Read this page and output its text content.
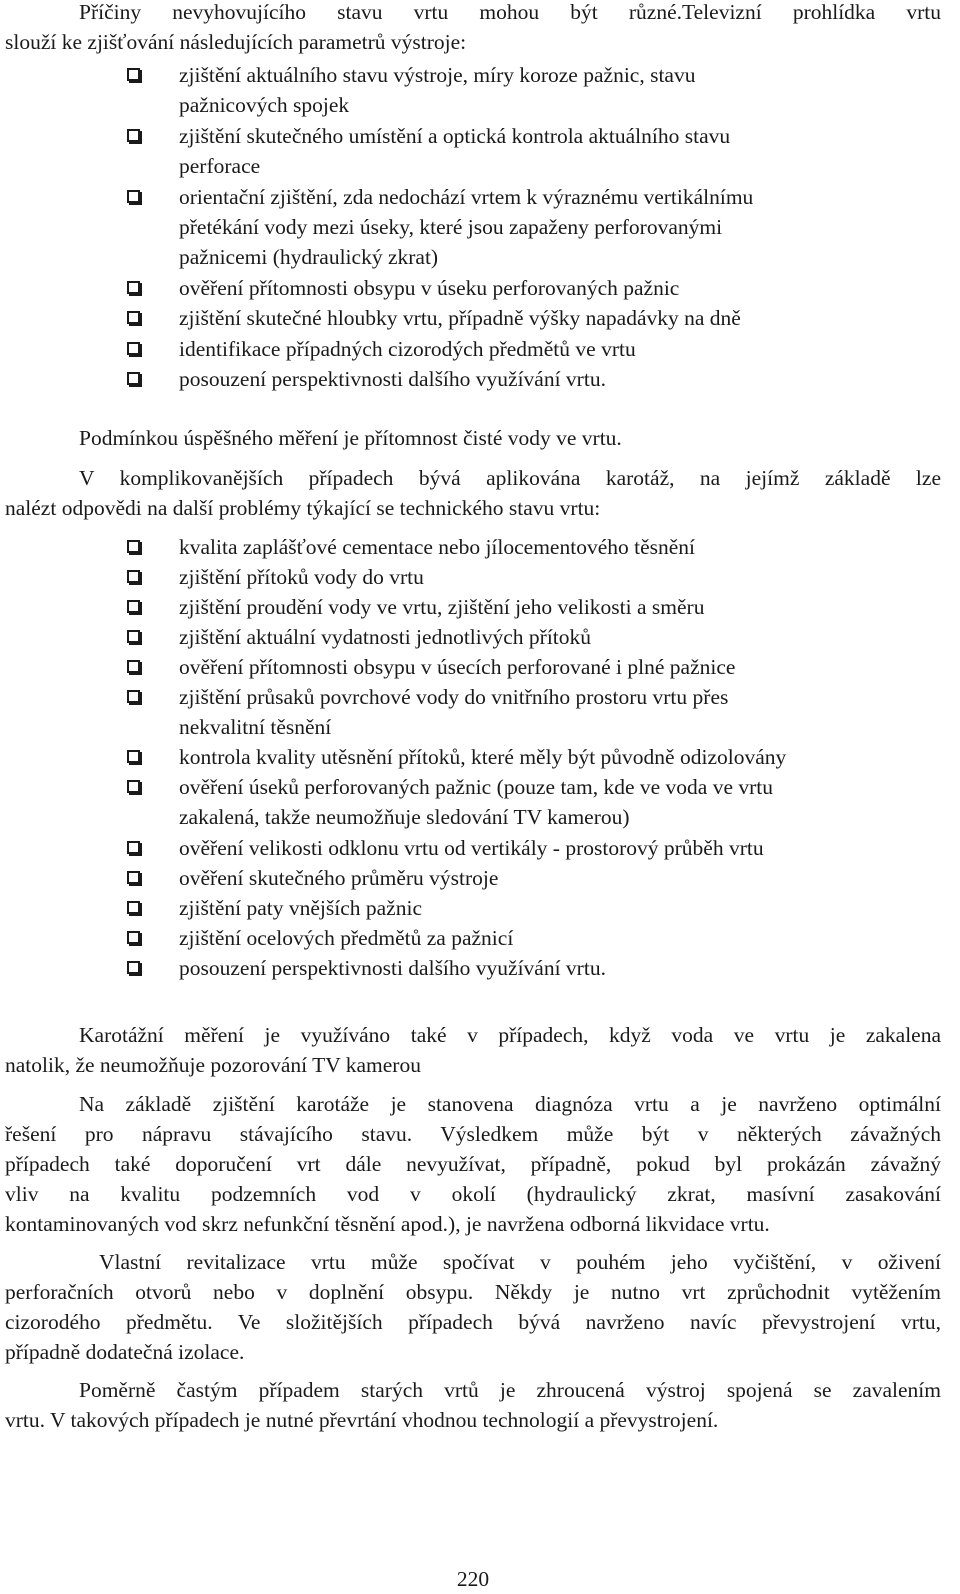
Příčiny nevyhovujícího stavu vrtu mohou být různé.Televizní prohlídka vrtu
slouží ke zjišťování následujících parametrů výstroje:
zjištění aktuálního stavu výstroje, míry koroze pažnic, stavu
pažnicových spojek
zjištění skutečného umístění a optická kontrola aktuálního stavu
perforace
orientační zjištění, zda nedochází vrtem k výraznému vertikálnímu
přetékání vody mezi úseky, které jsou zapaženy perforovanými
pažnicemi (hydraulický zkrat)
ověření přítomnosti obsypu v úseku perforovaných pažnic
zjištění skutečné hloubky vrtu, případně výšky napadávky na dně
identifikace případných cizorodých předmětů ve vrtu
posouzení perspektivnosti dalšího využívání vrtu.
Podmínkou úspěšného měření je přítomnost čisté vody ve vrtu.
V komplikovanějších případech bývá aplikována karotáž, na jejímž základě lze
nalézt odpovědi na další problémy týkající se technického stavu vrtu:
kvalita zaplášťové cementace nebo jílocementového těsnění
zjištění přítoků vody do vrtu
zjištění proudění vody ve vrtu, zjištění jeho velikosti a směru
zjištění aktuální vydatnosti jednotlivých přítoků
ověření přítomnosti obsypu v úsecích perforované i plné pažnice
zjištění průsaků povrchové vody do vnitřního prostoru vrtu přes
nekvalitní těsnění
kontrola kvality utěsnění přítoků, které měly být původně odizolovány
ověření úseků perforovaných pažnic (pouze tam, kde ve voda ve vrtu
zakalená, takže neumožňuje sledování TV kamerou)
ověření velikosti odklonu vrtu od vertikály - prostorový průběh vrtu
ověření skutečného průměru výstroje
zjištění paty vnějších pažnic
zjištění ocelových předmětů za pažnicí
posouzení perspektivnosti dalšího využívání vrtu.
Karotážní měření je využíváno také v případech, když voda ve vrtu je zakalena
natolik, že neumožňuje pozorování TV kamerou
Na základě zjištění karotáže je stanovena diagnóza vrtu a je navrženo optimální
řešení pro nápravu stávajícího stavu. Výsledkem může být v některých závažných
případech také doporučení vrt dále nevyužívat, případně, pokud byl prokázán závažný
vliv na kvalitu podzemních vod v okolí (hydraulický zkrat, masívní zasakování
kontaminovaných vod skrz nefunkční těsnění apod.), je navržena odborná likvidace vrtu.
Vlastní revitalizace vrtu může spočívat v pouhém jeho vyčištění, v oživení
perforačních otvorů nebo v doplnění obsypu. Někdy je nutno vrt zprůchodnit vytěžením
cizorodého předmětu. Ve složitějších případech bývá navrženo navíc převystrojení vrtu,
případně dodatečná izolace.
Poměrně častým případem starých vrtů je zhroucená výstroj spojená se zavalením
vrtu. V takových případech je nutné převrtání vhodnou technologií a převystrojení.
220
